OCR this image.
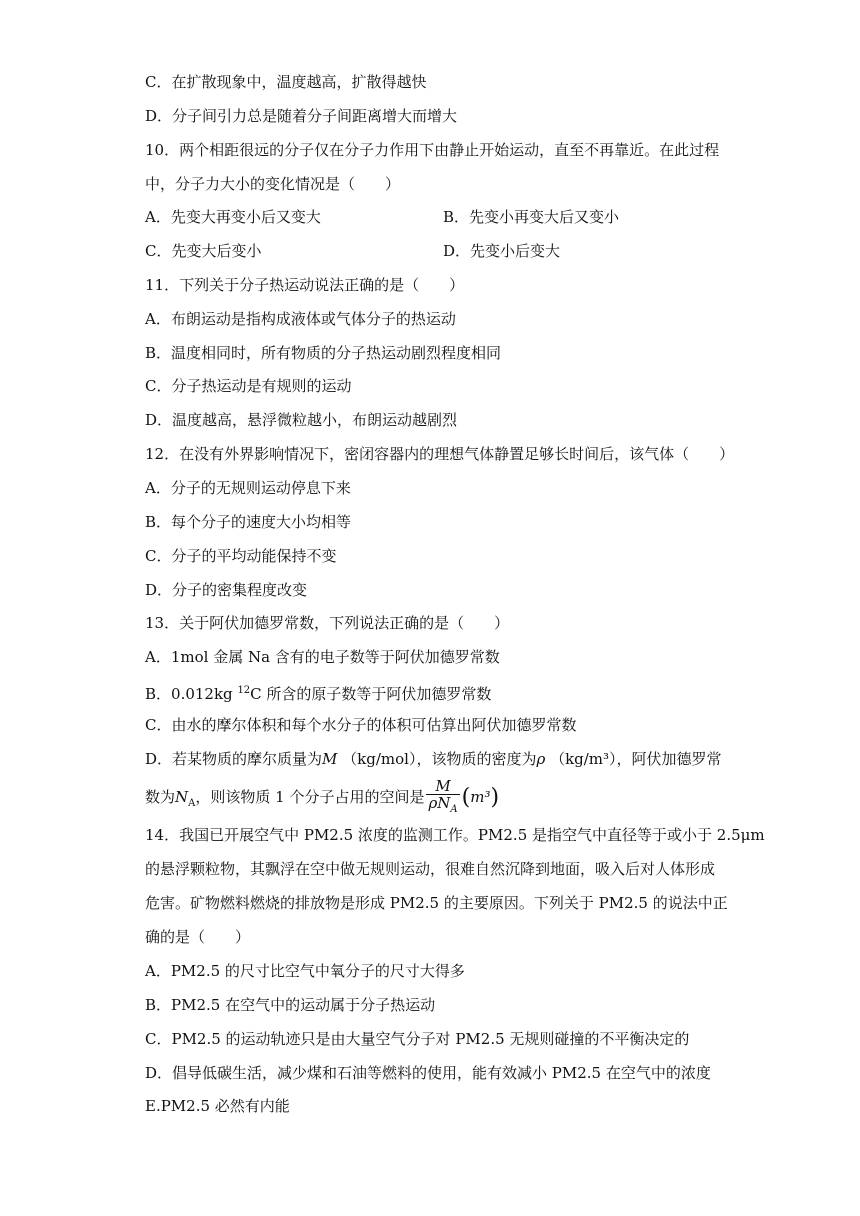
C．在扩散现象中，温度越高，扩散得越快
D．分子间引力总是随着分子间距离增大而增大
10．两个相距很远的分子仅在分子力作用下由静止开始运动，直至不再靠近。在此过程
中，分子力大小的变化情况是（　　）
A．先变大再变小后又变大	B．先变小再变大后又变小
C．先变大后变小	D．先变小后变大
11．下列关于分子热运动说法正确的是（　　）
A．布朗运动是指构成液体或气体分子的热运动
B．温度相同时，所有物质的分子热运动剧烈程度相同
C．分子热运动是有规则的运动
D．温度越高，悬浮微粒越小，布朗运动越剧烈
12．在没有外界影响情况下，密闭容器内的理想气体静置足够长时间后，该气体（　　）
A．分子的无规则运动停息下来
B．每个分子的速度大小均相等
C．分子的平均动能保持不变
D．分子的密集程度改变
13．关于阿伏加德罗常数，下列说法正确的是（　　）
A．1mol 金属 Na 含有的电子数等于阿伏加德罗常数
B．0.012kg $^{12}$C 所含的原子数等于阿伏加德罗常数
C．由水的摩尔体积和每个水分子的体积可估算出阿伏加德罗常数
D．若某物质的摩尔质量为M （kg/mol），该物质的密度为ρ （kg/m³），阿伏加德罗常
数为$N_A$，则该物质 1 个分子占用的空间是 $\frac{M}{\rho N_A} (m^3)$
14．我国已开展空气中 PM2.5 浓度的监测工作。PM2.5 是指空气中直径等于或小于 2.5μm
的悬浮颗粒物，其飘浮在空中做无规则运动，很难自然沉降到地面，吸入后对人体形成
危害。矿物燃料燃烧的排放物是形成 PM2.5 的主要原因。下列关于 PM2.5 的说法中正
确的是（　　）
A．PM2.5 的尺寸比空气中氧分子的尺寸大得多
B．PM2.5 在空气中的运动属于分子热运动
C．PM2.5 的运动轨迹只是由大量空气分子对 PM2.5 无规则碰撞的不平衡决定的
D．倡导低碳生活，减少煤和石油等燃料的使用，能有效减小 PM2.5 在空气中的浓度
E.PM2.5 必然有内能
